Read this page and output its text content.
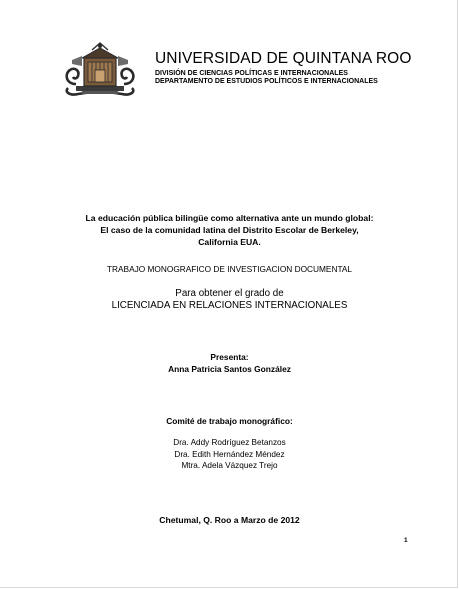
UNIVERSIDAD DE QUINTANA ROO
DIVISIÓN DE CIENCIAS POLÍTICAS E INTERNACIONALES
DEPARTAMENTO DE ESTUDIOS POLÍTICOS E INTERNACIONALES
La educación pública bilingüe como alternativa ante un mundo global:
El caso de la comunidad latina del Distrito Escolar de Berkeley,
California EUA.
TRABAJO MONOGRAFICO DE INVESTIGACION DOCUMENTAL
Para obtener el grado de
LICENCIADA EN RELACIONES INTERNACIONALES
Presenta:
Anna Patricia Santos González
Comité de trabajo monográfico:
Dra. Addy Rodríguez Betanzos
Dra. Edith Hernández Méndez
Mtra. Adela Vázquez Trejo
Chetumal, Q. Roo a Marzo de 2012
1
